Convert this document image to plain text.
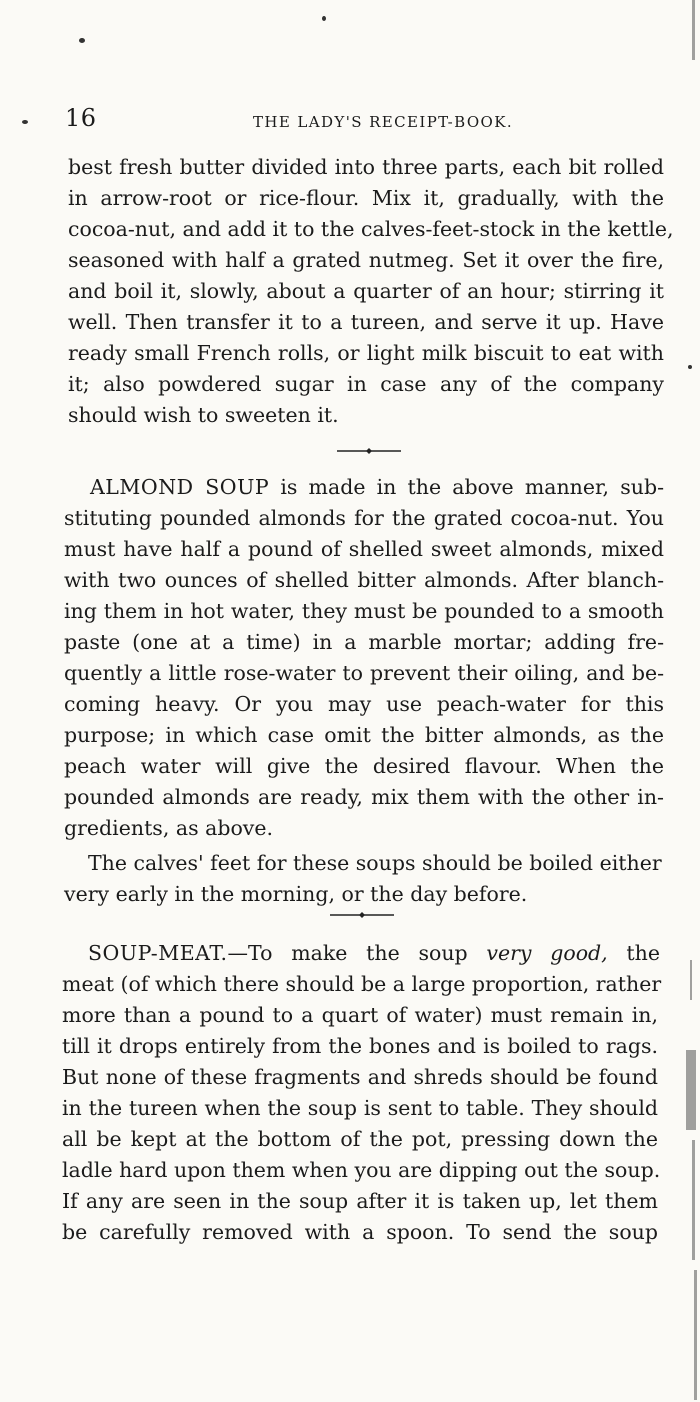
16	THE LADY'S RECEIPT-BOOK.
best fresh butter divided into three parts, each bit rolled
in arrow-root or rice-flour. Mix it, gradually, with the
cocoa-nut, and add it to the calves-feet-stock in the kettle,
seasoned with half a grated nutmeg. Set it over the fire,
and boil it, slowly, about a quarter of an hour; stirring it
well. Then transfer it to a tureen, and serve it up. Have
ready small French rolls, or light milk biscuit to eat with
it; also powdered sugar in case any of the company
should wish to sweeten it.
ALMOND SOUP is made in the above manner, sub-
stituting pounded almonds for the grated cocoa-nut. You
must have half a pound of shelled sweet almonds, mixed
with two ounces of shelled bitter almonds. After blanch-
ing them in hot water, they must be pounded to a smooth
paste (one at a time) in a marble mortar; adding fre-
quently a little rose-water to prevent their oiling, and be-
coming heavy. Or you may use peach-water for this
purpose; in which case omit the bitter almonds, as the
peach water will give the desired flavour. When the
pounded almonds are ready, mix them with the other in-
gredients, as above.
The calves' feet for these soups should be boiled either
very early in the morning, or the day before.
SOUP-MEAT.—To make the soup very good, the
meat (of which there should be a large proportion, rather
more than a pound to a quart of water) must remain in,
till it drops entirely from the bones and is boiled to rags.
But none of these fragments and shreds should be found
in the tureen when the soup is sent to table. They should
all be kept at the bottom of the pot, pressing down the
ladle hard upon them when you are dipping out the soup.
If any are seen in the soup after it is taken up, let them
be carefully removed with a spoon. To send the soup
